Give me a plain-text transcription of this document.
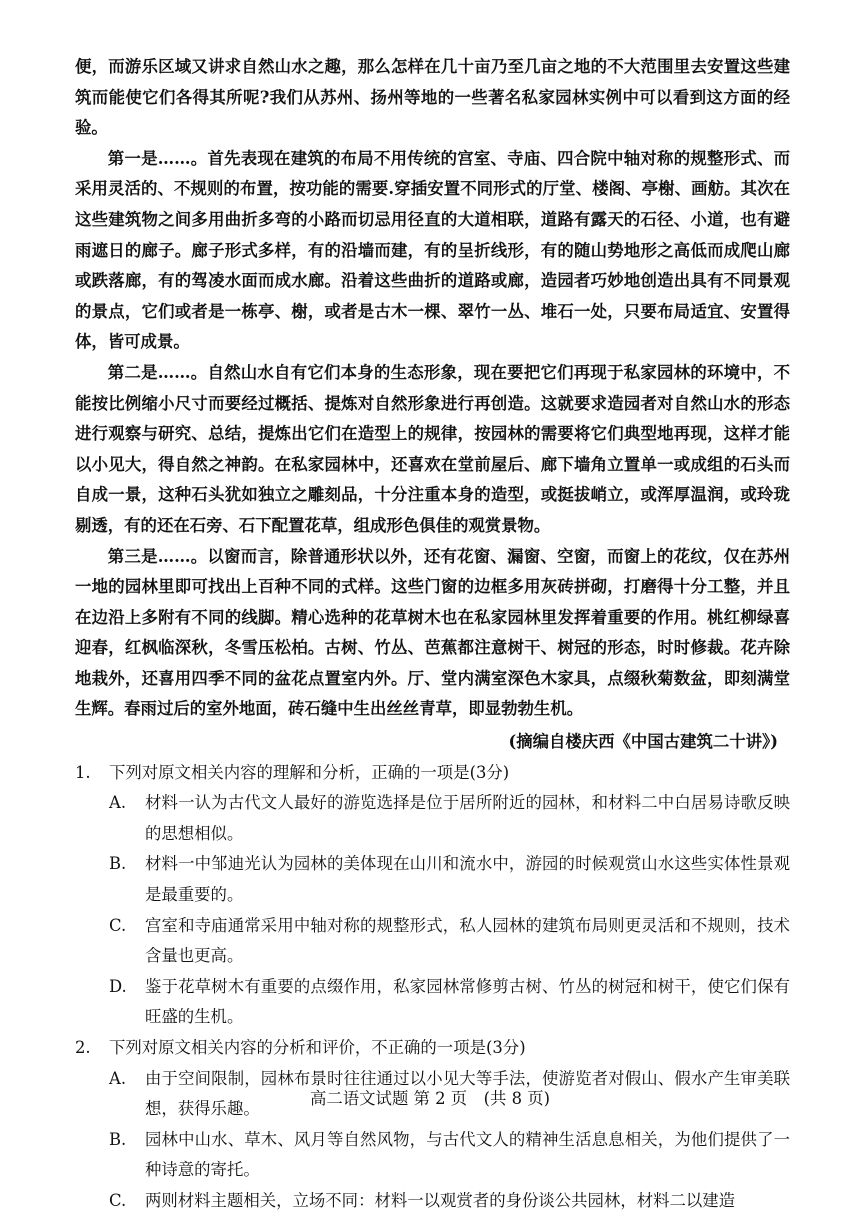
便，而游乐区域又讲求自然山水之趣，那么怎样在几十亩乃至几亩之地的不大范围里去安置这些建筑而能使它们各得其所呢?我们从苏州、扬州等地的一些著名私家园林实例中可以看到这方面的经验。

第一是……。首先表现在建筑的布局不用传统的宫室、寺庙、四合院中轴对称的规整形式、而采用灵活的、不规则的布置，按功能的需要.穿插安置不同形式的厅堂、楼阁、亭榭、画舫。其次在这些建筑物之间多用曲折多弯的小路而切忌用径直的大道相联，道路有露天的石径、小道，也有避雨遮日的廊子。廊子形式多样，有的沿墙而建，有的呈折线形，有的随山势地形之高低而成爬山廊或跌落廊，有的驾凌水面而成水廊。沿着这些曲折的道路或廊，造园者巧妙地创造出具有不同景观的景点，它们或者是一栋亭、榭，或者是古木一棵、翠竹一丛、堆石一处，只要布局适宜、安置得体，皆可成景。

第二是……。自然山水自有它们本身的生态形象，现在要把它们再现于私家园林的环境中，不能按比例缩小尺寸而要经过概括、提炼对自然形象进行再创造。这就要求造园者对自然山水的形态进行观察与研究、总结，提炼出它们在造型上的规律，按园林的需要将它们典型地再现，这样才能以小见大，得自然之神韵。在私家园林中，还喜欢在堂前屋后、廊下墙角立置单一或成组的石头而自成一景，这种石头犹如独立之雕刻品，十分注重本身的造型，或挺拔峭立，或浑厚温润，或玲珑剔透，有的还在石旁、石下配置花草，组成形色俱佳的观赏景物。

第三是……。以窗而言，除普通形状以外，还有花窗、漏窗、空窗，而窗上的花纹，仅在苏州一地的园林里即可找出上百种不同的式样。这些门窗的边框多用灰砖拼砌，打磨得十分工整，并且在边沿上多附有不同的线脚。精心选种的花草树木也在私家园林里发挥着重要的作用。桃红柳绿喜迎春，红枫临深秋，冬雪压松柏。古树、竹丛、芭蕉都注意树干、树冠的形态，时时修裁。花卉除地栽外，还喜用四季不同的盆花点置室内外。厅、堂内满室深色木家具，点缀秋菊数盆，即刻满堂生辉。春雨过后的室外地面，砖石缝中生出丝丝青草，即显勃勃生机。

(摘编自楼庆西《中国古建筑二十讲》)
1.	下列对原文相关内容的理解和分析，正确的一项是(3分)
A.	材料一认为古代文人最好的游览选择是位于居所附近的园林，和材料二中白居易诗歌反映的思想相似。
B.	材料一中邹迪光认为园林的美体现在山川和流水中，游园的时候观赏山水这些实体性景观是最重要的。
C.	宫室和寺庙通常采用中轴对称的规整形式，私人园林的建筑布局则更灵活和不规则，技术含量也更高。
D.	鉴于花草树木有重要的点缀作用，私家园林常修剪古树、竹丛的树冠和树干，使它们保有旺盛的生机。
2.	下列对原文相关内容的分析和评价，不正确的一项是(3分)
A.	由于空间限制，园林布景时往往通过以小见大等手法，使游览者对假山、假水产生审美联想，获得乐趣。
B.	园林中山水、草木、风月等自然风物，与古代文人的精神生活息息相关，为他们提供了一种诗意的寄托。
C.	两则材料主题相关，立场不同：材料一以观赏者的身份谈公共园林，材料二以建造
高二语文试题 第 2 页　(共 8 页)
